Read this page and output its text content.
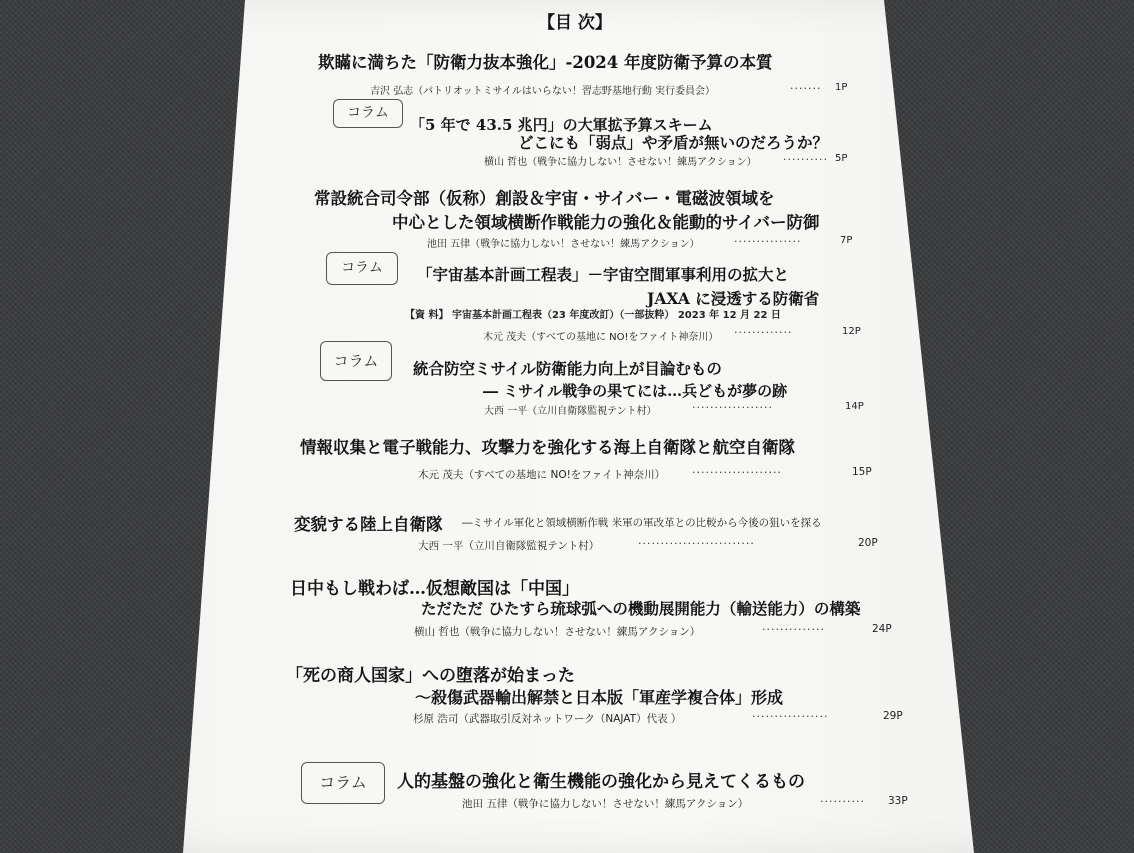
【目 次】
欺瞞に満ちた「防衛力抜本強化」-2024 年度防衛予算の本質
吉沢 弘志（パトリオットミサイルはいらない！習志野基地行動 実行委員会）	······· 1P
コラム
「5 年で 43.5 兆円」の大軍拡予算スキーム
どこにも「弱点」や矛盾が無いのだろうか？
横山 哲也（戦争に協力しない！させない！練馬アクション） ·········· 5P
常設統合司令部（仮称）創設＆宇宙・サイバー・電磁波領域を
中心とした領域横断作戦能力の強化＆能動的サイバー防御
池田 五律（戦争に協力しない！させない！練馬アクション）	···············	7P
コラム	「宇宙基本計画工程表」－宇宙空間軍事利用の拡大と
JAXA に浸透する防衛省
【資 料】 宇宙基本計画工程表（23 年度改訂）（一部抜粋） 2023 年 12 月 22 日
木元 茂夫（すべての基地に NO!をファイト神奈川） ·············	12P
コラム	統合防空ミサイル防衛能力向上が目論むもの
― ミサイル戦争の果てには…兵どもが夢の跡
大西 一平（立川自衛隊監視テント村）	··················	14P
情報収集と電子戦能力、攻撃力を強化する海上自衛隊と航空自衛隊
木元 茂夫（すべての基地に NO!をファイト神奈川） ····················	15P
変貌する陸上自衛隊 ―ミサイル軍化と領域横断作戦 米軍の軍改革との比較から今後の狙いを探る
大西 一平（立川自衛隊監視テント村）	··························	20P
日中もし戦わば…仮想敵国は「中国」
ただただ ひたすら琉球弧への機動展開能力（輸送能力）の構築
横山 哲也（戦争に協力しない！させない！練馬アクション）	··············	24P
「死の商人国家」への堕落が始まった
～殺傷武器輸出解禁と日本版「軍産学複合体」形成
杉原 浩司（武器取引反対ネットワーク（NAJAT）代表 ）	·················	29P
コラム	人的基盤の強化と衛生機能の強化から見えてくるもの
池田 五律（戦争に協力しない！させない！練馬アクション）	·········· 33P
